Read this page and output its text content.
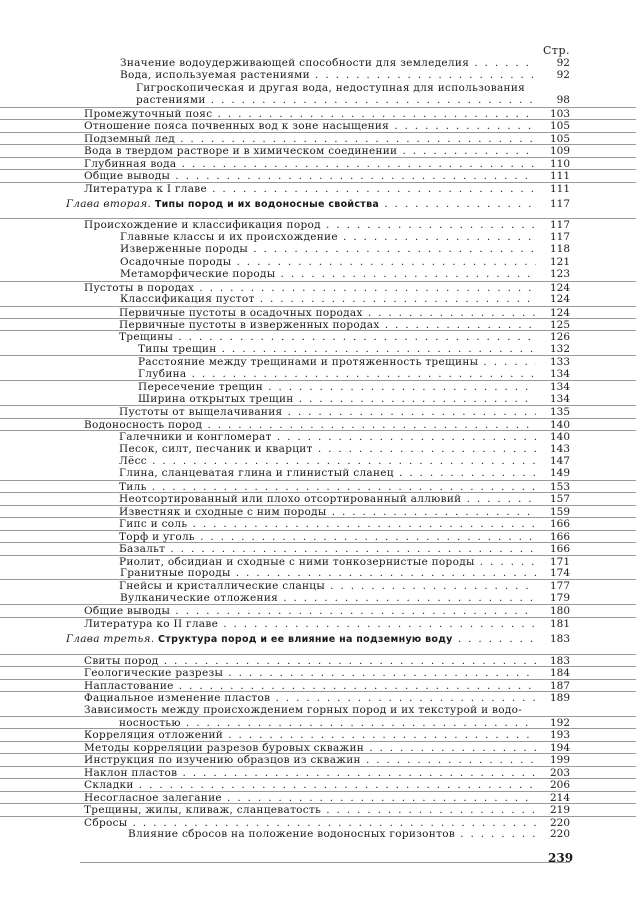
Стр.
Значение водоудерживающей способности для земледелия . . .	92
Вода, используемая растениями . . .	92
Гигроскопическая и другая вода, недоступная для использования
растениями . . .	98
Промежуточный пояс . . .	103
Отношение пояса почвенных вод к зоне насыщения . . .	105
Подземный лед . . .	105
Вода в твердом растворе и в химическом соединении . . .	109
Глубинная вода . . .	110
Общие выводы . . .	111
Литература к I главе . . .	111
Глава вторая. Типы пород и их водоносные свойства . . .	117
Происхождение и классификация пород . . .	117
Главные классы и их происхождение . . .	117
Изверженные породы . . .	118
Осадочные породы . . .	121
Метаморфические породы . . .	123
Пустоты в породах . . .	124
Классификация пустот . . .	124
Первичные пустоты в осадочных породах . . .	124
Первичные пустоты в изверженных породах . . .	125
Трещины . . .	126
Типы трещин . . .	132
Расстояние между трещинами и протяженность трещины . . .	133
Глубина . . .	134
Пересечение трещин . . .	134
Ширина открытых трещин . . .	134
Пустоты от выщелачивания . . .	135
Водоносность пород . . .	140
Галечники и конгломерат . . .	140
Песок, силт, песчаник и кварцит . . .	143
Лёсс . . .	147
Глина, сланцеватая глина и глинистый сланец . . .	149
Тиль . . .	153
Неотсортированный или плохо отсортированный аллювий . . .	157
Известняк и сходные с ним породы . . .	159
Гипс и соль . . .	166
Торф и уголь . . .	166
Базальт . . .	166
Риолит, обсидиан и сходные с ними тонкозернистые породы . . .	171
Гранитные породы . . .	174
Гнейсы и кристаллические сланцы . . .	177
Вулканические отложения . . .	179
Общие выводы . . .	180
Литература ко II главе . . .	181
Глава третья. Структура пород и ее влияние на подземную воду . . .	183
Свиты пород . . .	183
Геологические разрезы . . .	184
Напластование . . .	187
Фациальное изменение пластов . . .	189
Зависимость между происхождением горных пород и их текстурой и водо-
носностью . . .	192
Корреляция отложений . . .	193
Методы корреляции разрезов буровых скважин . . .	194
Инструкция по изучению образцов из скважин . . .	199
Наклон пластов . . .	203
Складки . . .	206
Несогласное залегание . . .	214
Трещины, жилы, кливаж, сланцеватость . . .	219
Сбросы . . .	220
Влияние сбросов на положение водоносных горизонтов . . .	220
239
